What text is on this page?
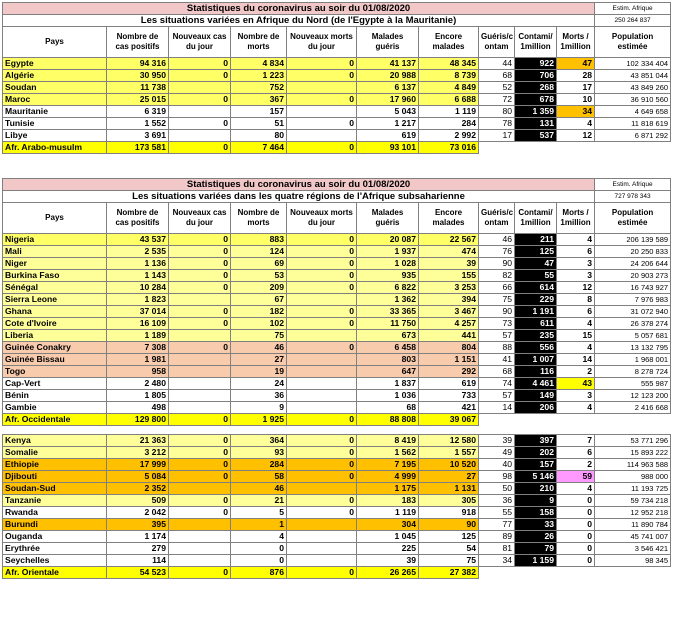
Statistiques du coronavirus au soir du 01/08/2020										Estim. Afrique
Les situations variées en Afrique du Nord (de l'Egypte à la Mauritanie)										250 264 837
Pays	Nombre de cas positifs	Nouveaux cas du jour	Nombre de morts	Nouveaux morts du jour	Malades guéris	Encore malades	Guéris/c ontam	Contami/ 1million	Morts / 1million	Population estimée
Egypte	94 316	0	4 834	0	41 137	48 345	44	922	47	102 334 404
Algérie	30 950	0	1 223	0	20 988	8 739	68	706	28	43 851 044
Soudan	11 738		752		6 137	4 849	52	268	17	43 849 260
Maroc	25 015	0	367	0	17 960	6 688	72	678	10	36 910 560
Mauritanie	6 319		157		5 043	1 119	80	1 359	34	4 649 658
Tunisie	1 552	0	51	0	1 217	284	78	131	4	11 818 619
Libye	3 691		80		619	2 992	17	537	12	6 871 292
Afr. Arabo-musulm	173 581	0	7 464	0	93 101	73 016				
Statistiques du coronavirus au soir du 01/08/2020										Estim. Afrique
Les situations variées dans les quatre régions de l'Afrique subsaharienne										727 978 343
Pays	Nombre de cas positifs	Nouveaux cas du jour	Nombre de morts	Nouveaux morts du jour	Malades guéris	Encore malades	Guéris/c ontam	Contami/ 1million	Morts / 1million	Population estimée
Nigeria	43 537	0	883	0	20 087	22 567	46	211	4	206 139 589
Mali	2 535	0	124	0	1 937	474	76	125	6	20 250 833
Niger	1 136	0	69	0	1 028	39	90	47	3	24 206 644
Burkina Faso	1 143	0	53	0	935	155	82	55	3	20 903 273
Sénégal	10 284	0	209	0	6 822	3 253	66	614	12	16 743 927
Sierra Leone	1 823		67		1 362	394	75	229	8	7 976 983
Ghana	37 014	0	182	0	33 365	3 467	90	1 191	6	31 072 940
Cote d'Ivoire	16 109	0	102	0	11 750	4 257	73	611	4	26 378 274
Liberia	1 189		75		673	441	57	235	15	5 057 681
Guinée Conakry	7 308	0	46	0	6 458	804	88	556	4	13 132 795
Guinée Bissau	1 981		27		803	1 151	41	1 007	14	1 968 001
Togo	958		19		647	292	68	116	2	8 278 724
Cap-Vert	2 480		24		1 837	619	74	4 461	43	555 987
Bénin	1 805		36		1 036	733	57	149	3	12 123 200
Gambie	498		9		68	421	14	206	4	2 416 668
Afr. Occidentale	129 800	0	1 925	0	88 808	39 067				

Kenya	21 363	0	364	0	8 419	12 580	39	397	7	53 771 296
Somalie	3 212	0	93	0	1 562	1 557	49	202	6	15 893 222
Ethiopie	17 999	0	284	0	7 195	10 520	40	157	2	114 963 588
Djibouti	5 084	0	58	0	4 999	27	98	5 146	59	988 000
Soudan-Sud	2 352		46		1 175	1 131	50	210	4	11 193 725
Tanzanie	509	0	21	0	183	305	36	9	0	59 734 218
Rwanda	2 042	0	5	0	1 119	918	55	158	0	12 952 218
Burundi	395		1		304	90	77	33	0	11 890 784
Ouganda	1 174		4		1 045	125	89	26	0	45 741 007
Erythrée	279		0		225	54	81	79	0	3 546 421
Seychelles	114		0		39	75	34	1 159	0	98 345
Afr. Orientale	54 523	0	876	0	26 265	27 382				
